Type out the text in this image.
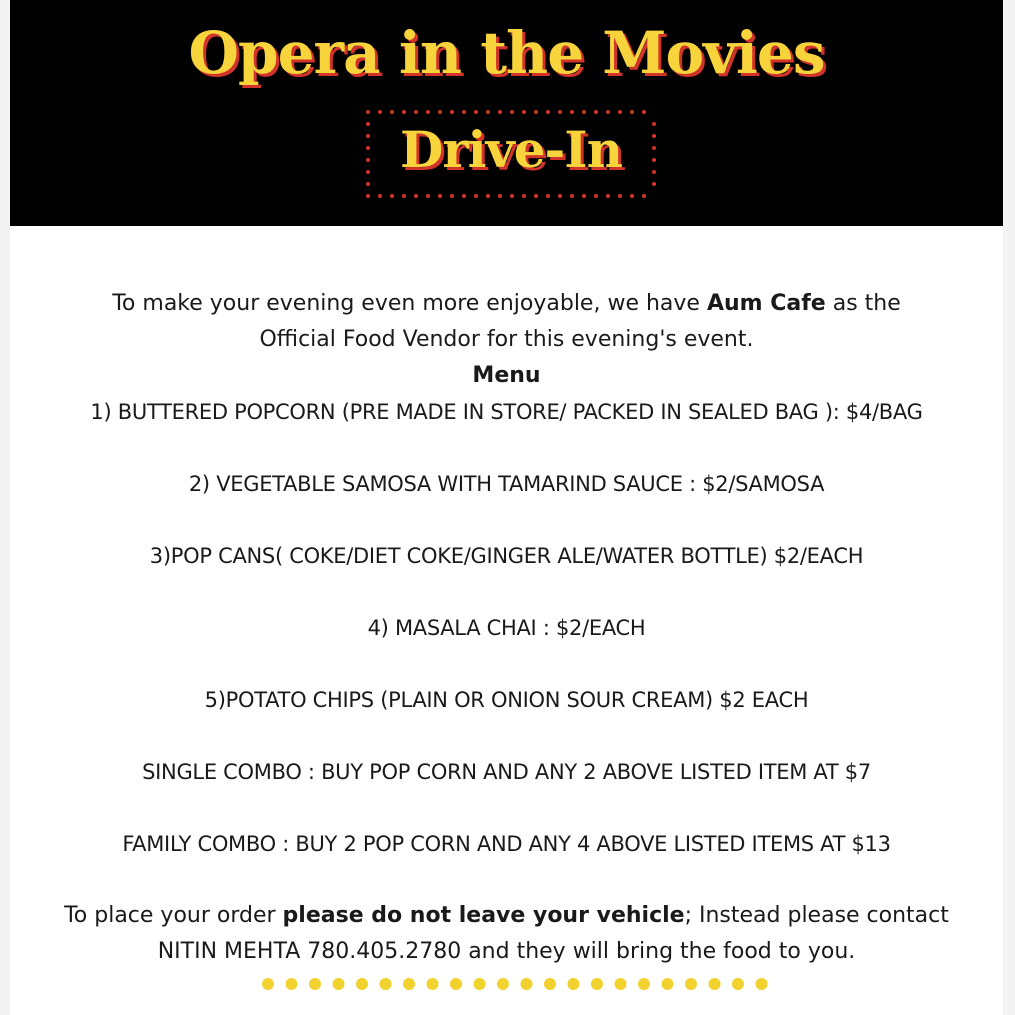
Opera in the Movies
Drive-In
To make your evening even more enjoyable, we have Aum Cafe as the
Official Food Vendor for this evening's event.
Menu
1) BUTTERED POPCORN (PRE MADE IN STORE/ PACKED IN SEALED BAG ): $4/BAG
2) VEGETABLE SAMOSA WITH TAMARIND SAUCE : $2/SAMOSA
3)POP CANS( COKE/DIET COKE/GINGER ALE/WATER BOTTLE) $2/EACH
4) MASALA CHAI : $2/EACH
5)POTATO CHIPS (PLAIN OR ONION SOUR CREAM) $2 EACH
SINGLE COMBO : BUY POP CORN AND ANY 2 ABOVE LISTED ITEM AT $7
FAMILY COMBO : BUY 2 POP CORN AND ANY 4 ABOVE LISTED ITEMS AT $13
To place your order please do not leave your vehicle; Instead please contact
NITIN MEHTA 780.405.2780 and they will bring the food to you.
